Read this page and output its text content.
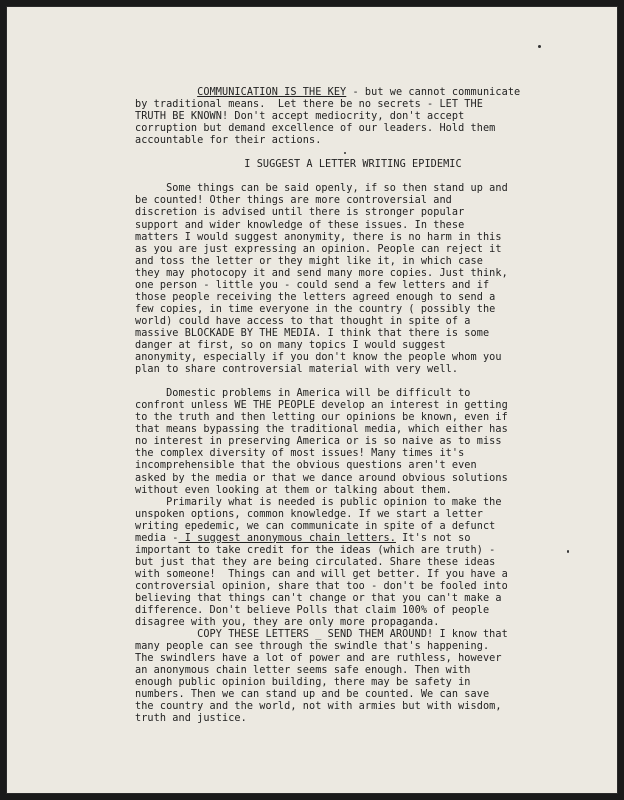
COMMUNICATION IS THE KEY - but we cannot communicate
by traditional means.  Let there be no secrets - LET THE
TRUTH BE KNOWN! Don't accept mediocrity, don't accept
corruption but demand excellence of our leaders. Hold them
accountable for their actions.
I SUGGEST A LETTER WRITING EPIDEMIC
Some things can be said openly, if so then stand up and
be counted! Other things are more controversial and
discretion is advised until there is stronger popular
support and wider knowledge of these issues. In these
matters I would suggest anonymity, there is no harm in this
as you are just expressing an opinion. People can reject it
and toss the letter or they might like it, in which case
they may photocopy it and send many more copies. Just think,
one person - little you - could send a few letters and if
those people receiving the letters agreed enough to send a
few copies, in time everyone in the country ( possibly the
world) could have access to that thought in spite of a
massive BLOCKADE BY THE MEDIA. I think that there is some
danger at first, so on many topics I would suggest
anonymity, especially if you don't know the people whom you
plan to share controversial material with very well.
Domestic problems in America will be difficult to
confront unless WE THE PEOPLE develop an interest in getting
to the truth and then letting our opinions be known, even if
that means bypassing the traditional media, which either has
no interest in preserving America or is so naive as to miss
the complex diversity of most issues! Many times it's
incomprehensible that the obvious questions aren't even
asked by the media or that we dance around obvious solutions
without even looking at them or talking about them.
Primarily what is needed is public opinion to make the
unspoken options, common knowledge. If we start a letter
writing epedemic, we can communicate in spite of a defunct
media - I suggest anonymous chain letters. It's not so
important to take credit for the ideas (which are truth) -
but just that they are being circulated. Share these ideas
with someone!  Things can and will get better. If you have a
controversial opinion, share that too - don't be fooled into
believing that things can't change or that you can't make a
difference. Don't believe Polls that claim 100% of people
disagree with you, they are only more propaganda.
COPY THESE LETTERS _ SEND THEM AROUND! I know that
many people can see through the swindle that's happening.
The swindlers have a lot of power and are ruthless, however
an anonymous chain letter seems safe enough. Then with
enough public opinion building, there may be safety in
numbers. Then we can stand up and be counted. We can save
the country and the world, not with armies but with wisdom,
truth and justice.
